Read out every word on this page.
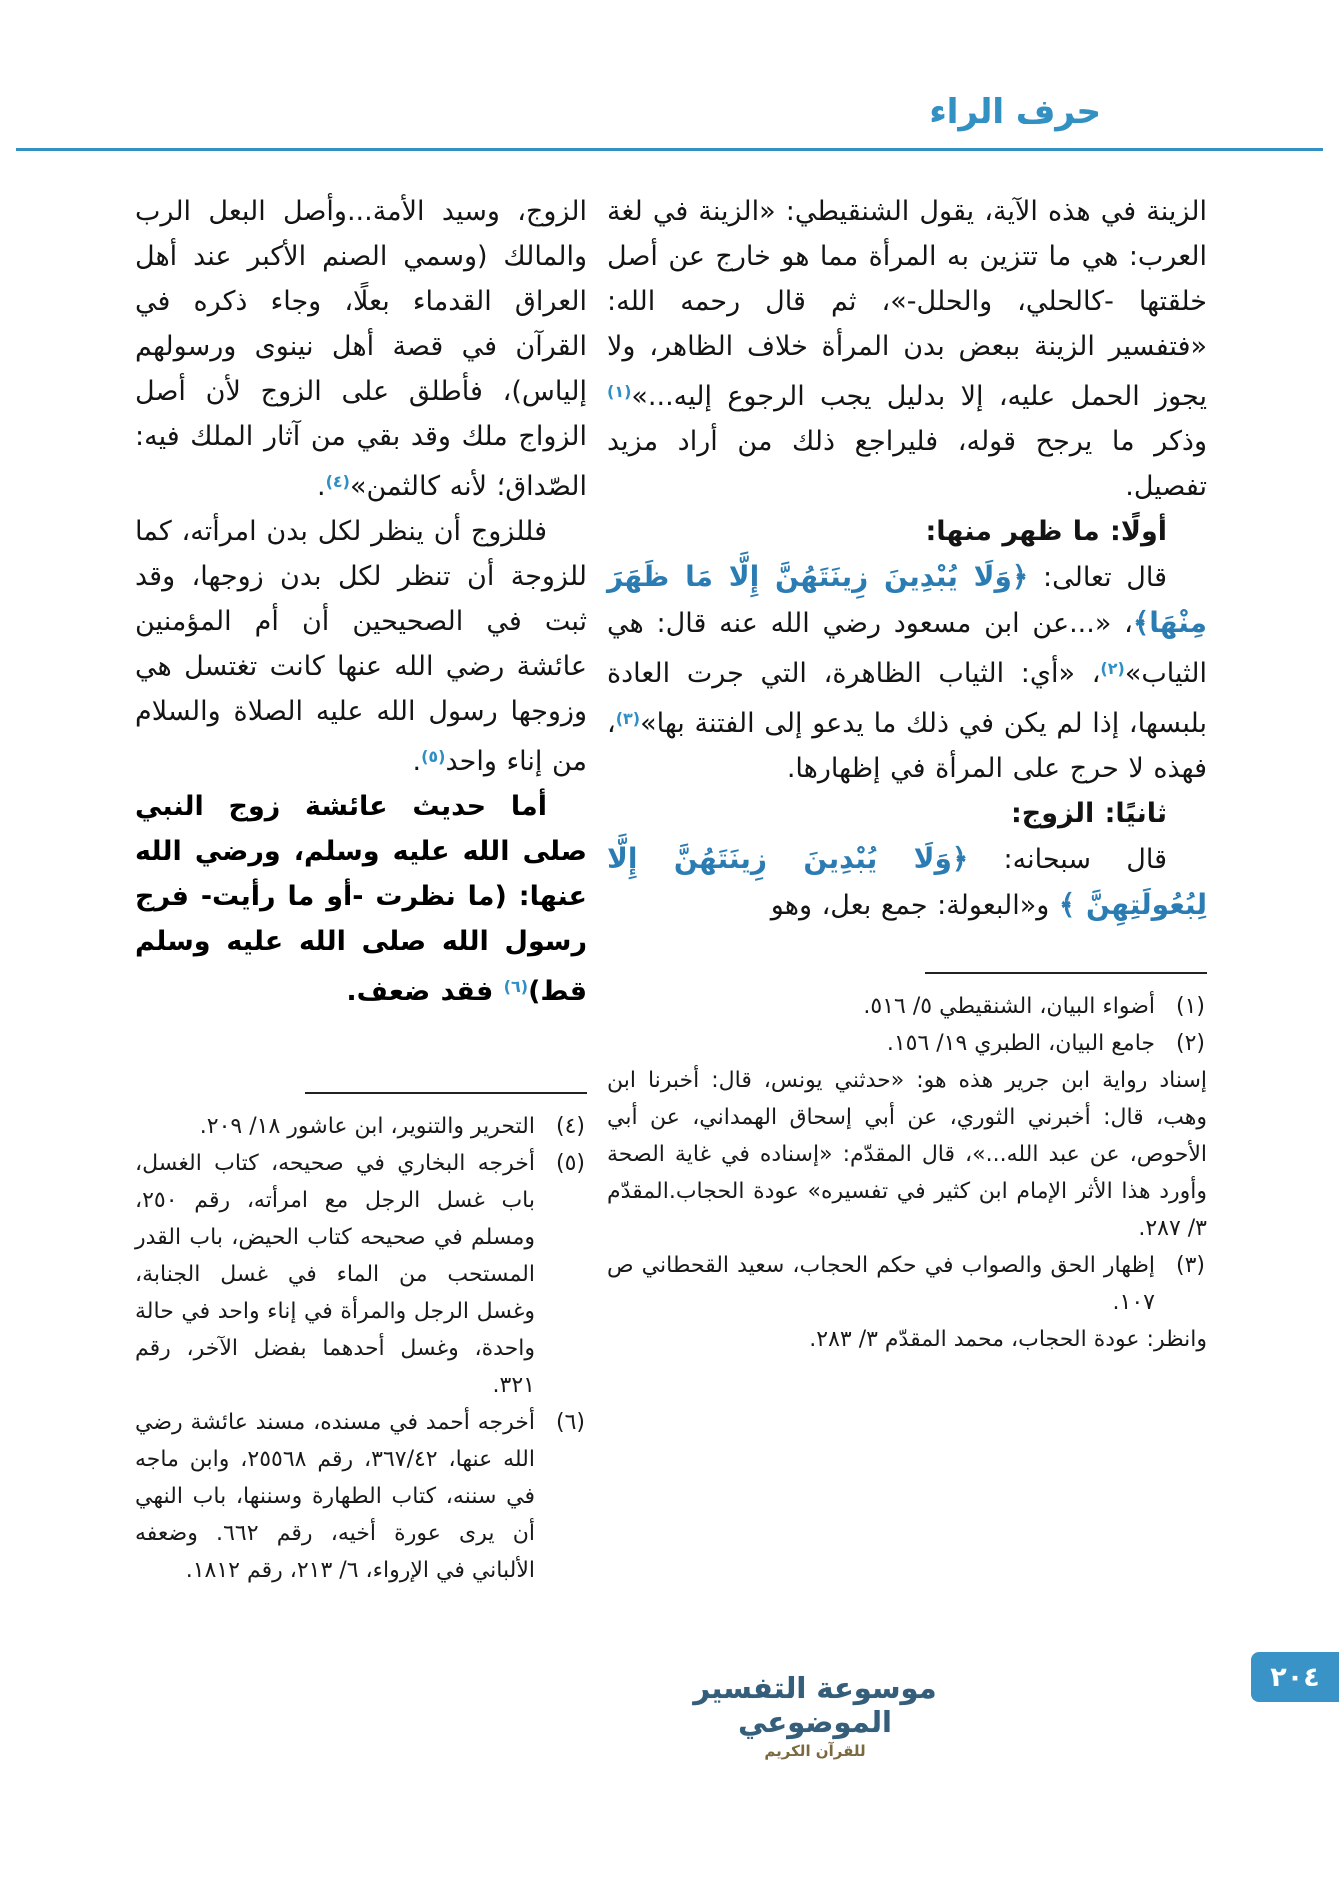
حرف الراء
الزينة في هذه الآية، يقول الشنقيطي: «الزينة في لغة العرب: هي ما تتزين به المرأة مما هو خارج عن أصل خلقتها -كالحلي، والحلل-»، ثم قال رحمه الله: «فتفسير الزينة ببعض بدن المرأة خلاف الظاهر، ولا يجوز الحمل عليه، إلا بدليل يجب الرجوع إليه...»$^{(١)}$ وذكر ما يرجح قوله، فليراجع ذلك من أراد مزيد تفصيل.
أولًا: ما ظهر منها:
قال تعالى: ﴿وَلَا يُبْدِينَ زِينَتَهُنَّ إِلَّا مَا ظَهَرَ مِنْهَا﴾، «...عن ابن مسعود رضي الله عنه قال: هي الثياب»$^{(٢)}$، «أي: الثياب الظاهرة، التي جرت العادة بلبسها، إذا لم يكن في ذلك ما يدعو إلى الفتنة بها»$^{(٣)}$، فهذه لا حرج على المرأة في إظهارها.
ثانيًا: الزوج:
قال سبحانه: ﴿وَلَا يُبْدِينَ زِينَتَهُنَّ إِلَّا لِبُعُولَتِهِنَّ ﴾ و«البعولة: جمع بعل، وهو
(١)
أضواء البيان، الشنقيطي ٥/ ٥١٦.
(٢)
جامع البيان، الطبري ١٩/ ١٥٦.
إسناد رواية ابن جرير هذه هو: «حدثني يونس، قال: أخبرنا ابن وهب، قال: أخبرني الثوري، عن أبي إسحاق الهمداني، عن أبي الأحوص، عن عبد الله...»، قال المقدّم: «إسناده في غاية الصحة وأورد هذا الأثر الإمام ابن كثير في تفسيره» عودة الحجاب.المقدّم ٣/ ٢٨٧.
(٣)
إظهار الحق والصواب في حكم الحجاب، سعيد القحطاني ص ١٠٧.
وانظر: عودة الحجاب، محمد المقدّم ٣/ ٢٨٣.
الزوج، وسيد الأمة...وأصل البعل الرب والمالك (وسمي الصنم الأكبر عند أهل العراق القدماء بعلًا، وجاء ذكره في القرآن في قصة أهل نينوى ورسولهم إلياس)، فأطلق على الزوج لأن أصل الزواج ملك وقد بقي من آثار الملك فيه: الصّداق؛ لأنه كالثمن»$^{(٤)}$.
فللزوج أن ينظر لكل بدن امرأته، كما للزوجة أن تنظر لكل بدن زوجها، وقد ثبت في الصحيحين أن أم المؤمنين عائشة رضي الله عنها كانت تغتسل هي وزوجها رسول الله عليه الصلاة والسلام من إناء واحد$^{(٥)}$.
أما حديث عائشة زوج النبي صلى الله عليه وسلم، ورضي الله عنها: (ما نظرت -أو ما رأيت- فرج رسول الله صلى الله عليه وسلم قط)$^{(٦)}$ فقد ضعف.
(٤)
التحرير والتنوير، ابن عاشور ١٨/ ٢٠٩.
(٥)
أخرجه البخاري في صحيحه، كتاب الغسل، باب غسل الرجل مع امرأته، رقم ٢٥٠، ومسلم في صحيحه كتاب الحيض، باب القدر المستحب من الماء في غسل الجنابة، وغسل الرجل والمرأة في إناء واحد في حالة واحدة، وغسل أحدهما بفضل الآخر، رقم ٣٢١.
(٦)
أخرجه أحمد في مسنده، مسند عائشة رضي الله عنها، ٣٦٧/٤٢، رقم ٢٥٥٦٨، وابن ماجه في سننه، كتاب الطهارة وسننها، باب النهي أن يرى عورة أخيه، رقم ٦٦٢. وضعفه الألباني في الإرواء، ٦/ ٢١٣، رقم ١٨١٢.
موسوعة التفسير الموضوعي
للقرآن الكريم
٢٠٤
